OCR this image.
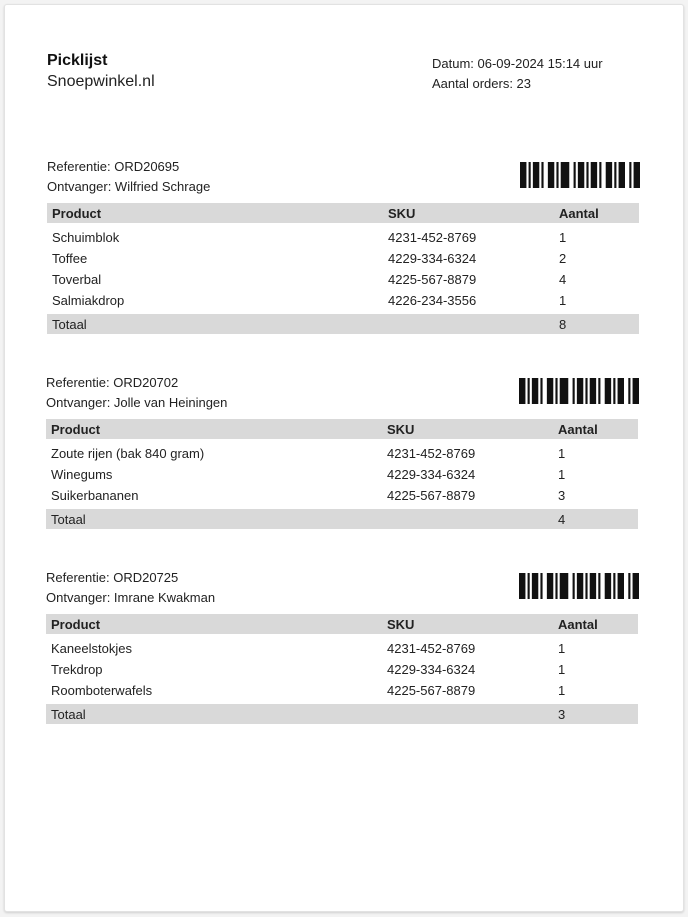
Picklijst
Snoepwinkel.nl
Datum: 06-09-2024 15:14 uur
Aantal orders: 23
Referentie: ORD20695
Ontvanger: Wilfried Schrage
Product	SKU	Aantal
Schuimblok	4231-452-8769	1
Toffee	4229-334-6324	2
Toverbal	4225-567-8879	4
Salmiakdrop	4226-234-3556	1
Totaal		8
Referentie: ORD20702
Ontvanger: Jolle van Heiningen
Product	SKU	Aantal
Zoute rijen (bak 840 gram)	4231-452-8769	1
Winegums	4229-334-6324	1
Suikerbananen	4225-567-8879	3
Totaal		4
Referentie: ORD20725
Ontvanger: Imrane Kwakman
Product	SKU	Aantal
Kaneelstokjes	4231-452-8769	1
Trekdrop	4229-334-6324	1
Roomboterwafels	4225-567-8879	1
Totaal		3
